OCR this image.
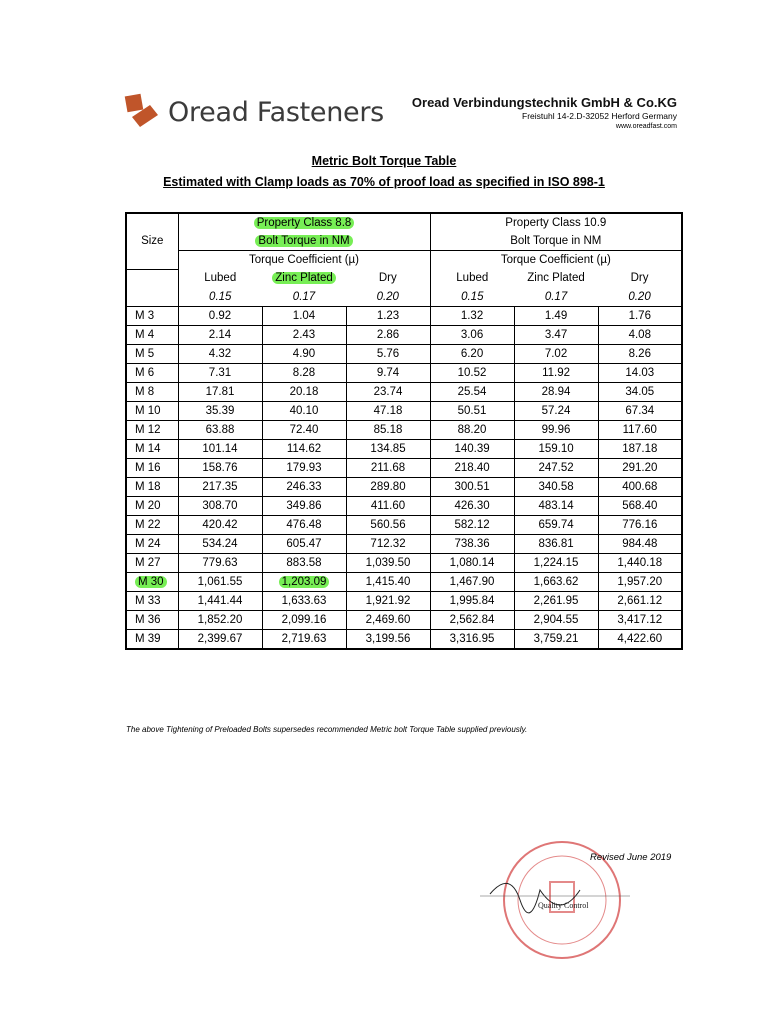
Oread Fasteners Oread Verbindungstechnik GmbH & Co.KG
Freistuhl 14-2.D-32052 Herford Germany
www.oreadfast.com
Metric Bolt Torque Table
Estimated with Clamp loads as 70% of proof load as specified in ISO 898-1
Size	Property Class 8.8			Property Class 10.9		
	Bolt Torque in NM			Bolt Torque in NM		
	Torque Coefficient (µ)			Torque Coefficient (µ)		
	Lubed	Zinc Plated	Dry	Lubed	Zinc Plated	Dry
	0.15	0.17	0.20	0.15	0.17	0.20
M 3	0.92	1.04	1.23	1.32	1.49	1.76
M 4	2.14	2.43	2.86	3.06	3.47	4.08
M 5	4.32	4.90	5.76	6.20	7.02	8.26
M 6	7.31	8.28	9.74	10.52	11.92	14.03
M 8	17.81	20.18	23.74	25.54	28.94	34.05
M 10	35.39	40.10	47.18	50.51	57.24	67.34
M 12	63.88	72.40	85.18	88.20	99.96	117.60
M 14	101.14	114.62	134.85	140.39	159.10	187.18
M 16	158.76	179.93	211.68	218.40	247.52	291.20
M 18	217.35	246.33	289.80	300.51	340.58	400.68
M 20	308.70	349.86	411.60	426.30	483.14	568.40
M 22	420.42	476.48	560.56	582.12	659.74	776.16
M 24	534.24	605.47	712.32	738.36	836.81	984.48
M 27	779.63	883.58	1,039.50	1,080.14	1,224.15	1,440.18
M 30	1,061.55	1,203.09	1,415.40	1,467.90	1,663.62	1,957.20
M 33	1,441.44	1,633.63	1,921.92	1,995.84	2,261.95	2,661.12
M 36	1,852.20	2,099.16	2,469.60	2,562.84	2,904.55	3,417.12
M 39	2,399.67	2,719.63	3,199.56	3,316.95	3,759.21	4,422.60
The above Tightening of Preloaded Bolts supersedes recommended Metric bolt Torque Table supplied previously.
Quality Control
Revised June 2019
